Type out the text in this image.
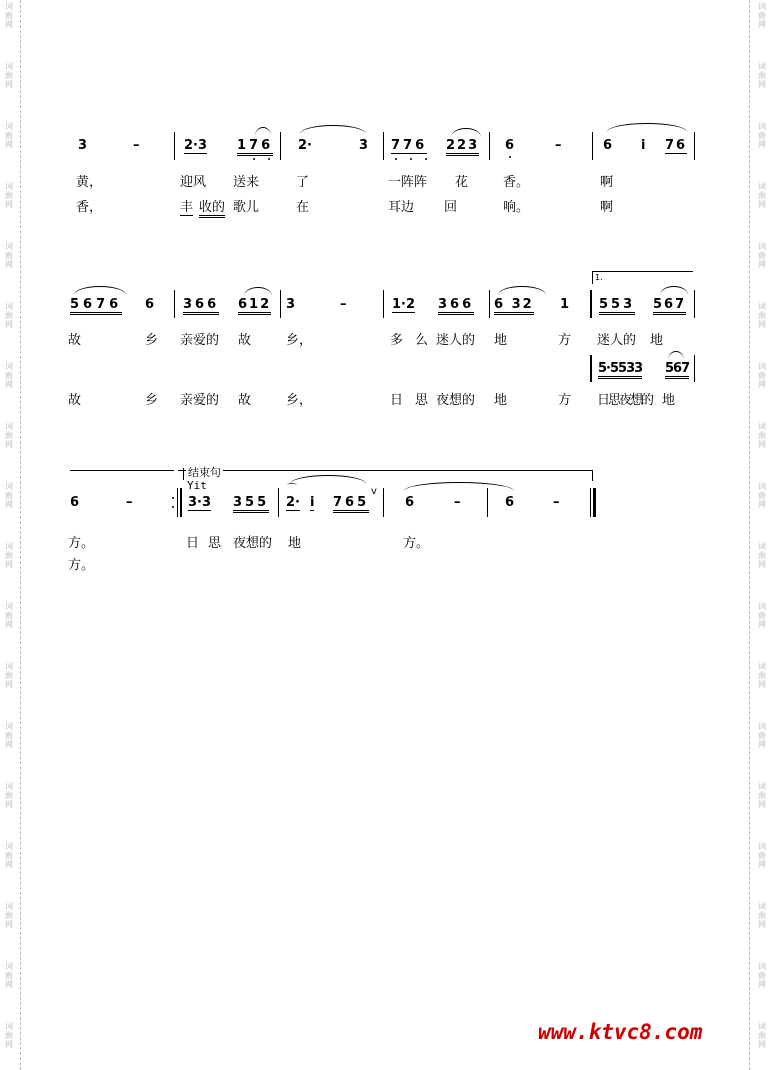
词
曲
网
词
曲
网
词
曲
网
词
曲
网
词
曲
网
词
曲
网
词
曲
网
词
曲
网
词
曲
网
词
曲
网
词
曲
网
词
曲
网
词
曲
网
词
曲
网
词
曲
网
词
曲
网
词
曲
网
词
曲
网
词
曲
网
词
曲
网
词
曲
网
词
曲
网
词
曲
网
词
曲
网
词
曲
网
词
曲
网
词
曲
网
词
曲
网
词
曲
网
词
曲
网
词
曲
网
词
曲
网
词
曲
网
词
曲
网
词
曲
网
词
曲
网
3	–	2·3 176 2·	3 776 223 6	–	6 i 76
黄，	迎风 送来	了	一阵阵 花	香。	啊
香，	丰 收的 歌儿	在	耳边 回	响。	啊
1.
5676 6 366 612 3	–	1·2 366 6 32 1 553 567
故	乡 亲爱的 故	乡，	多 么 迷人的 地	方 迷人的 地
5·5533 567
故	乡 亲爱的 故	乡，	日 思 夜想的 地	方 日思夜想的 地
结束句
Yit
6	–	3·3 355 2· i
⌒
765
v
6	–	6	–
方。	日 思 夜想的 地	方。
方。
www.ktvc8.com
